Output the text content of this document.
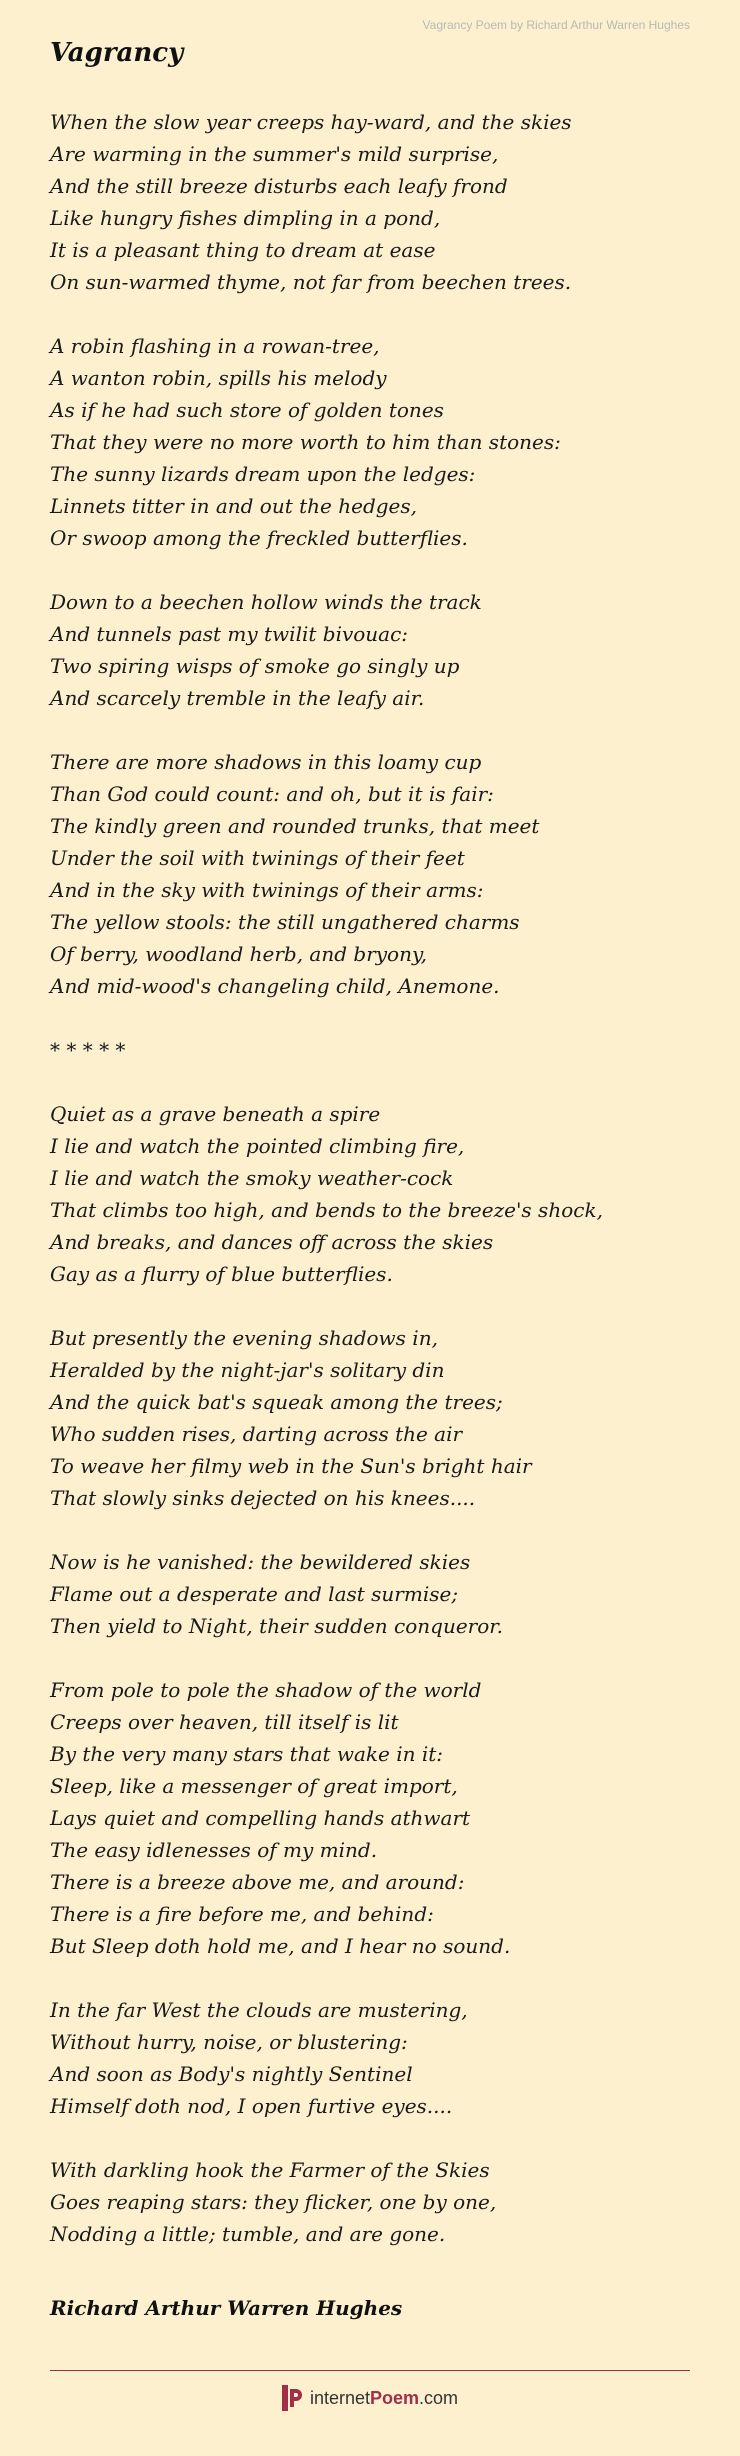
Vagrancy Poem by Richard Arthur Warren Hughes
Vagrancy
When the slow year creeps hay-ward, and the skies
Are warming in the summer's mild surprise,
And the still breeze disturbs each leafy frond
Like hungry fishes dimpling in a pond,
It is a pleasant thing to dream at ease
On sun-warmed thyme, not far from beechen trees.
A robin flashing in a rowan-tree,
A wanton robin, spills his melody
As if he had such store of golden tones
That they were no more worth to him than stones:
The sunny lizards dream upon the ledges:
Linnets titter in and out the hedges,
Or swoop among the freckled butterflies.
Down to a beechen hollow winds the track
And tunnels past my twilit bivouac:
Two spiring wisps of smoke go singly up
And scarcely tremble in the leafy air.
There are more shadows in this loamy cup
Than God could count: and oh, but it is fair:
The kindly green and rounded trunks, that meet
Under the soil with twinings of their feet
And in the sky with twinings of their arms:
The yellow stools: the still ungathered charms
Of berry, woodland herb, and bryony,
And mid-wood's changeling child, Anemone.
* * * * *
Quiet as a grave beneath a spire
I lie and watch the pointed climbing fire,
I lie and watch the smoky weather-cock
That climbs too high, and bends to the breeze's shock,
And breaks, and dances off across the skies
Gay as a flurry of blue butterflies.
But presently the evening shadows in,
Heralded by the night-jar's solitary din
And the quick bat's squeak among the trees;
Who sudden rises, darting across the air
To weave her filmy web in the Sun's bright hair
That slowly sinks dejected on his knees....
Now is he vanished: the bewildered skies
Flame out a desperate and last surmise;
Then yield to Night, their sudden conqueror.
From pole to pole the shadow of the world
Creeps over heaven, till itself is lit
By the very many stars that wake in it:
Sleep, like a messenger of great import,
Lays quiet and compelling hands athwart
The easy idlenesses of my mind.
There is a breeze above me, and around:
There is a fire before me, and behind:
But Sleep doth hold me, and I hear no sound.
In the far West the clouds are mustering,
Without hurry, noise, or blustering:
And soon as Body's nightly Sentinel
Himself doth nod, I open furtive eyes....
With darkling hook the Farmer of the Skies
Goes reaping stars: they flicker, one by one,
Nodding a little; tumble, and are gone.
Richard Arthur Warren Hughes
internetPoem.com
